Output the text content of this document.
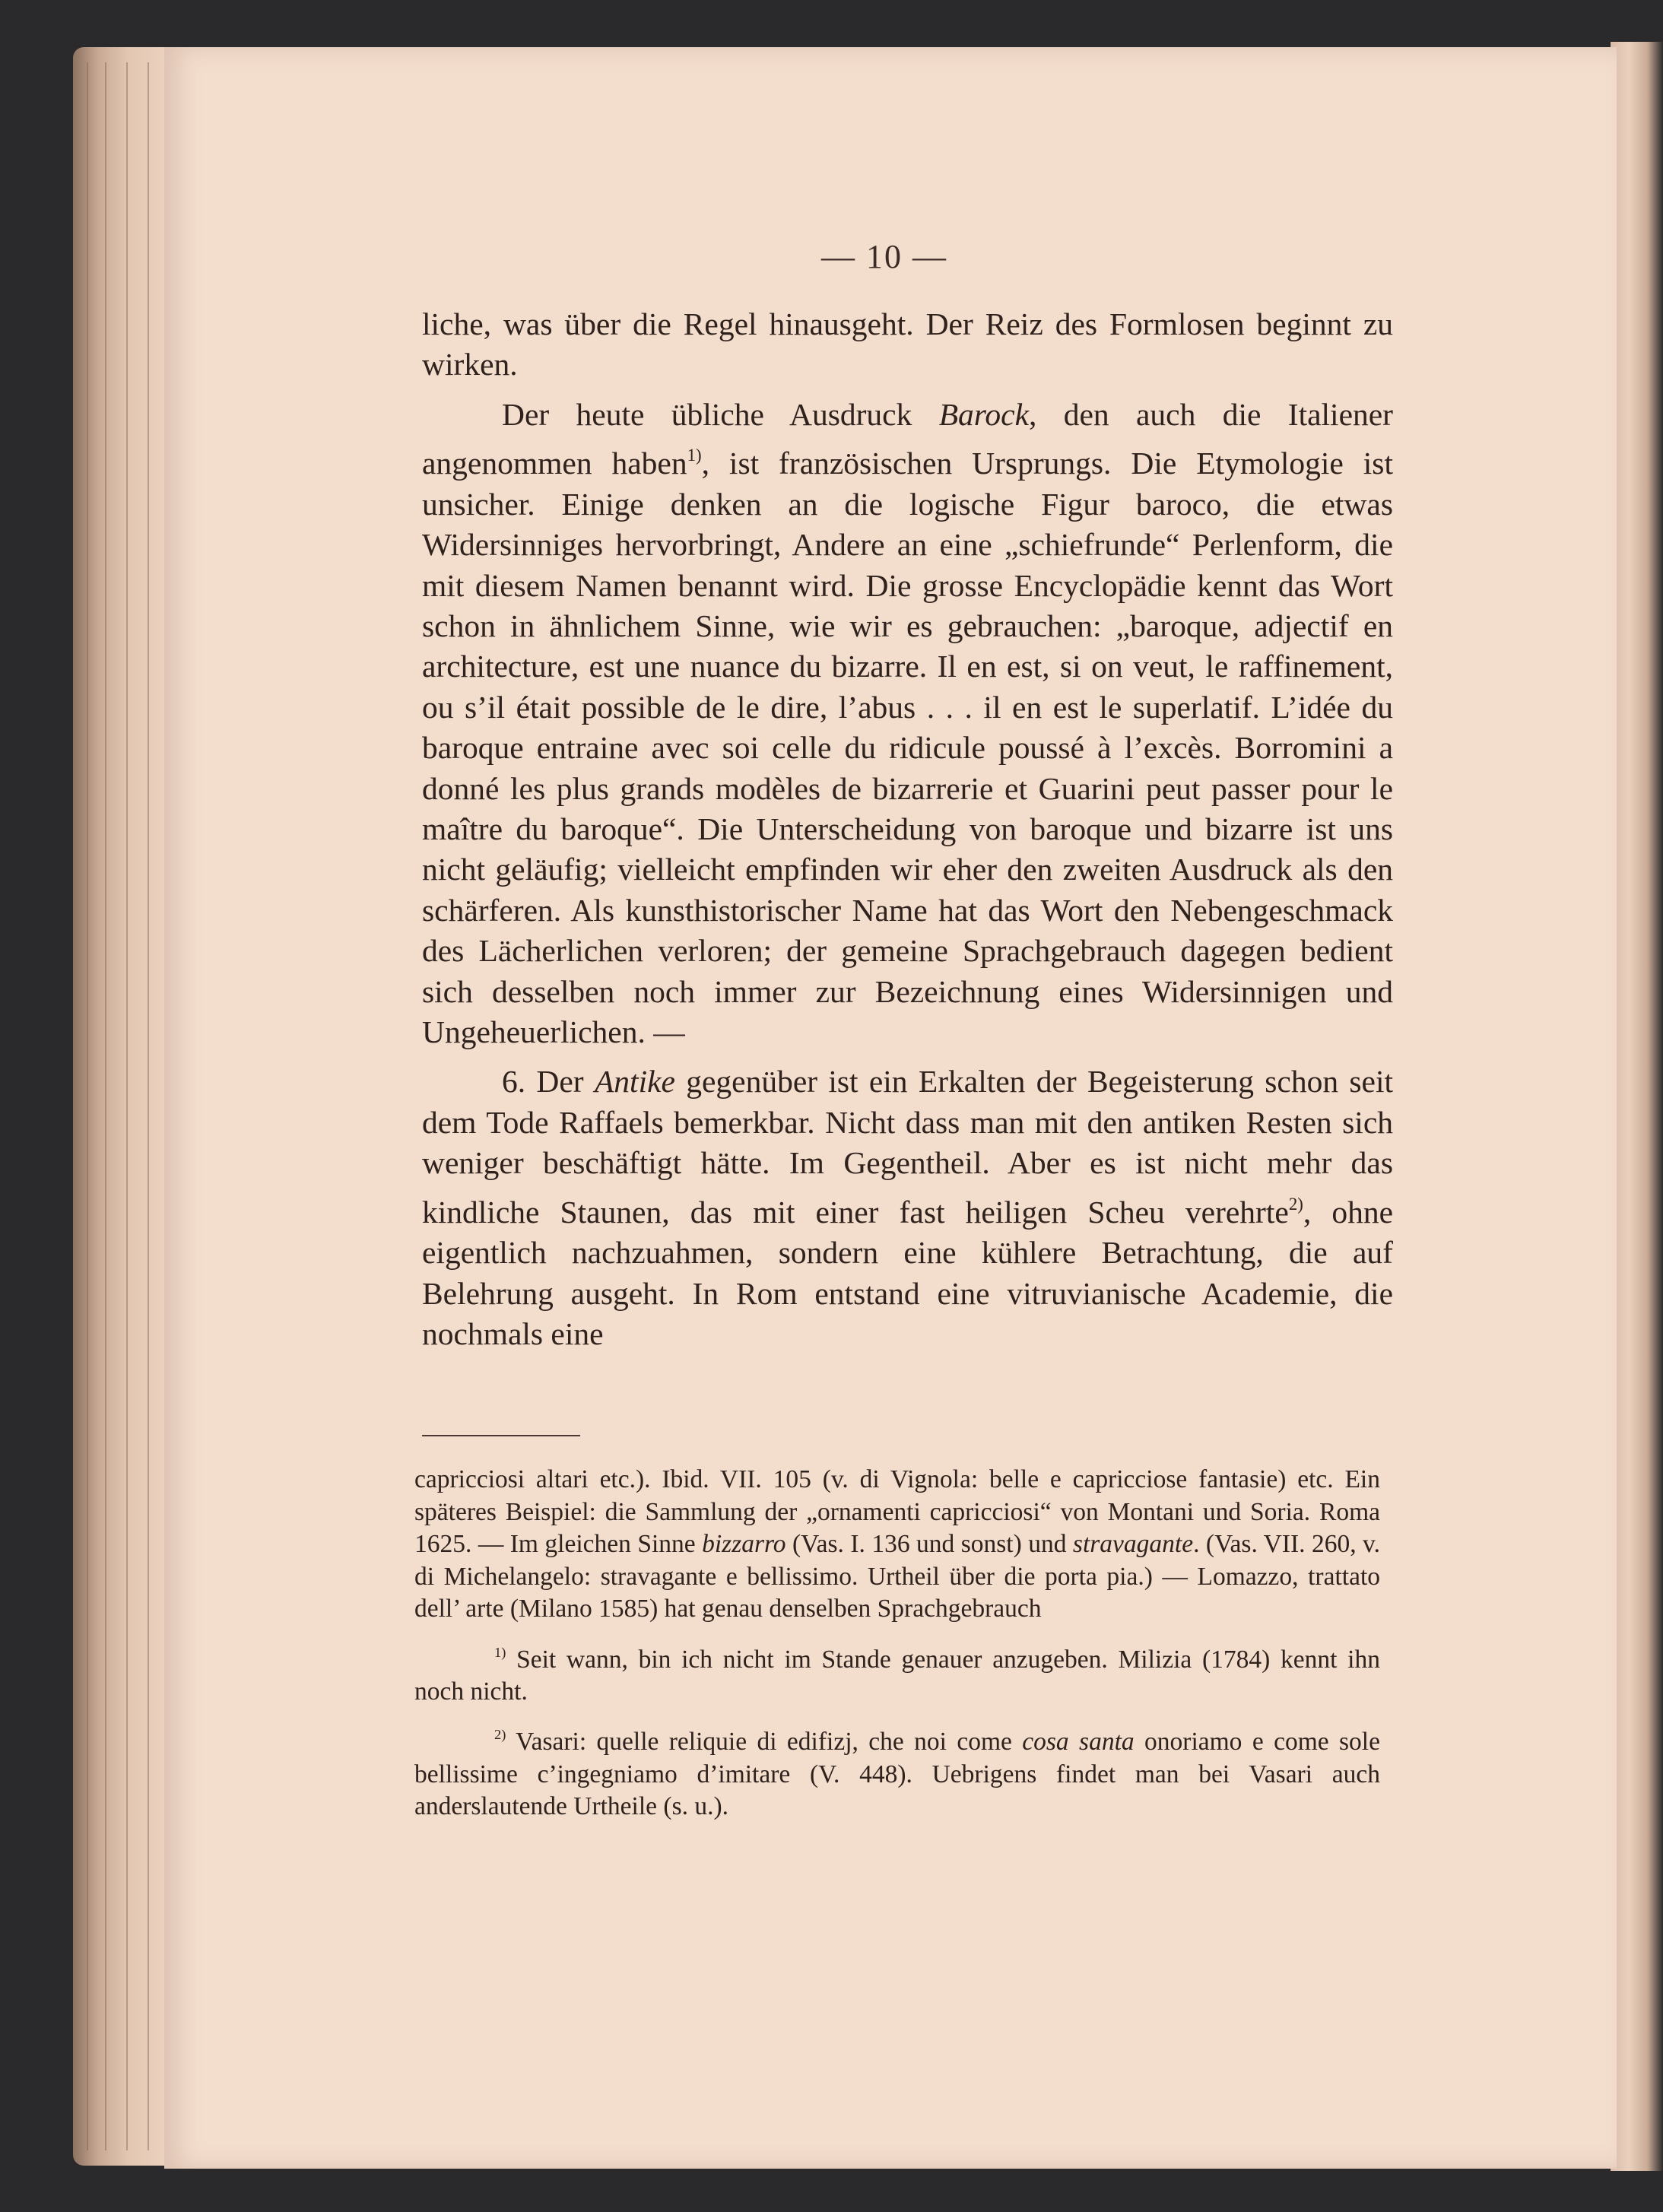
— 10 —

liche, was über die Regel hinausgeht. Der Reiz des Formlosen beginnt zu wirken.

Der heute übliche Ausdruck Barock, den auch die Italiener angenommen haben$^{1)}$, ist französischen Ursprungs. Die Etymologie ist unsicher. Einige denken an die logische Figur baroco, die etwas Widersinniges hervorbringt, Andere an eine „schiefrunde“ Perlenform, die mit diesem Namen benannt wird. Die grosse Encyclopädie kennt das Wort schon in ähnlichem Sinne, wie wir es gebrauchen: „baroque, adjectif en architecture, est une nuance du bizarre. Il en est, si on veut, le raffinement, ou s’il était possible de le dire, l’abus . . . il en est le superlatif. L’idée du baroque entraine avec soi celle du ridicule poussé à l’excès. Borromini a donné les plus grands modèles de bizarrerie et Guarini peut passer pour le maître du baroque“. Die Unterscheidung von baroque und bizarre ist uns nicht geläufig; vielleicht empfinden wir eher den zweiten Ausdruck als den schärferen. Als kunsthistorischer Name hat das Wort den Nebengeschmack des Lächerlichen verloren; der gemeine Sprachgebrauch dagegen bedient sich desselben noch immer zur Bezeichnung eines Widersinnigen und Ungeheuerlichen. —

6. Der Antike gegenüber ist ein Erkalten der Begeisterung schon seit dem Tode Raffaels bemerkbar. Nicht dass man mit den antiken Resten sich weniger beschäftigt hätte. Im Gegentheil. Aber es ist nicht mehr das kindliche Staunen, das mit einer fast heiligen Scheu verehrte$^{2)}$, ohne eigentlich nachzuahmen, sondern eine kühlere Betrachtung, die auf Belehrung ausgeht. In Rom entstand eine vitruvianische Academie, die nochmals eine

capricciosi altari etc.). Ibid. VII. 105 (v. di Vignola: belle e capricciose fantasie) etc. Ein späteres Beispiel: die Sammlung der „ornamenti capricciosi“ von Montani und Soria. Roma 1625. — Im gleichen Sinne bizzarro (Vas. I. 136 und sonst) und stravagante. (Vas. VII. 260, v. di Michelangelo: stravagante e bellissimo. Urtheil über die porta pia.) — Lomazzo, trattato dell’ arte (Milano 1585) hat genau denselben Sprachgebrauch

$^{1)}$ Seit wann, bin ich nicht im Stande genauer anzugeben. Milizia (1784) kennt ihn noch nicht.

$^{2)}$ Vasari: quelle reliquie di edifizj, che noi come cosa santa onoriamo e come sole bellissime c’ingegniamo d’imitare (V. 448). Uebrigens findet man bei Vasari auch anderslautende Urtheile (s. u.).
